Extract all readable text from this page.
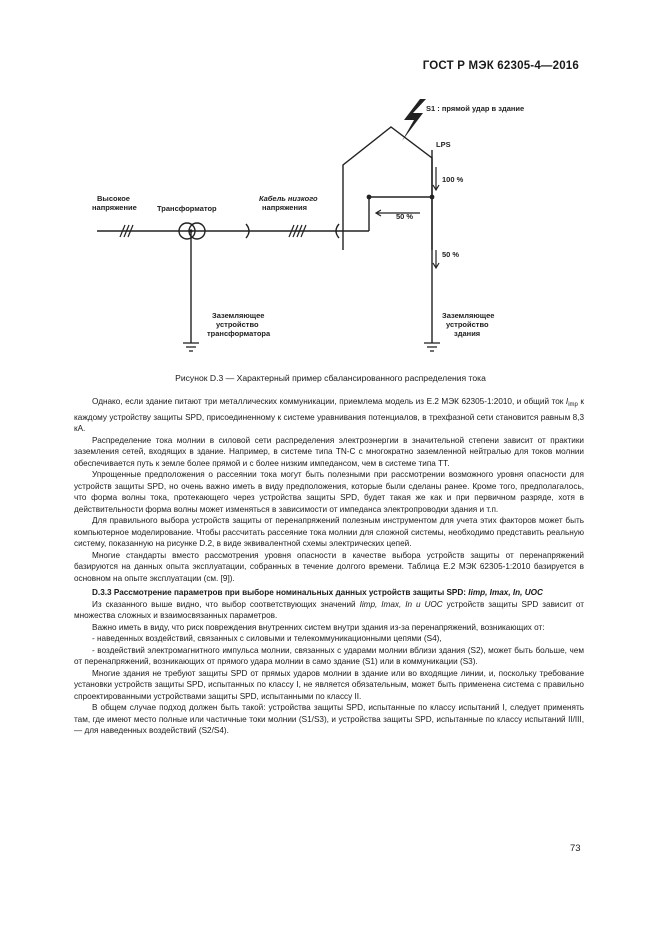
ГОСТ Р МЭК 62305-4—2016
S1 : прямой удар в здание
LPS
100 %
50 %
50 %
Высокое
напряжение	Трансформатор
Кабель низкого
напряжения
Заземляющее
устройство
трансформатора
Заземляющее
устройство
здания
Рисунок D.3 — Характерный пример сбалансированного распределения тока

Однако, если здание питают три металлических коммуникации, приемлема модель из Е.2 МЭК 62305-1:2010, и общий ток $I_{imp}$ к каждому устройству защиты SPD, присоединенному к системе уравнивания потенциалов, в трехфазной сети становится равным 8,3 кА.

Распределение тока молнии в силовой сети распределения электроэнергии в значительной степени зависит от практики заземления сетей, входящих в здание. Например, в системе типа TN-C с многократно заземленной нейтралью для токов молнии обеспечивается путь к земле более прямой и с более низким импедансом, чем в системе типа ТТ.

Упрощенные предположения о рассеянии тока могут быть полезными при рассмотрении возможного уровня опасности для устройств защиты SPD, но очень важно иметь в виду предположения, которые были сделаны ранее. Кроме того, предполагалось, что форма волны тока, протекающего через устройства защиты SPD, будет такая же как и при первичном разряде, хотя в действительности форма волны может изменяться в зависимости от импеданса электропроводки здания и т.п.

Для правильного выбора устройств защиты от перенапряжений полезным инструментом для учета этих факторов может быть компьютерное моделирование. Чтобы рассчитать рассеяние тока молнии для сложной системы, необходимо представить реальную систему, показанную на рисунке D.2, в виде эквивалентной схемы электрических цепей.

Многие стандарты вместо рассмотрения уровня опасности в качестве выбора устройств защиты от перенапряжений базируются на данных опыта эксплуатации, собранных в течение долгого времени. Таблица Е.2 МЭК 62305-1:2010 базируется в основном на опыте эксплуатации (см. [9]).

D.3.3 Рассмотрение параметров при выборе номинальных данных устройств защиты SPD: Iimp, Imax, In, UOC

Из сказанного выше видно, что выбор соответствующих значений Iimp, Imax, In и UOC устройств защиты SPD зависит от множества сложных и взаимосвязанных параметров.

Важно иметь в виду, что риск повреждения внутренних систем внутри здания из-за перенапряжений, возникающих от:

- наведенных воздействий, связанных с силовыми и телекоммуникационными цепями (S4),

- воздействий электромагнитного импульса молнии, связанных с ударами молнии вблизи здания (S2), может быть больше, чем от перенапряжений, возникающих от прямого удара молнии в само здание (S1) или в коммуникации (S3).

Многие здания не требуют защиты SPD от прямых ударов молнии в здание или во входящие линии, и, поскольку требование установки устройств защиты SPD, испытанных по классу I, не является обязательным, может быть применена система с правильно спроектированными устройствами защиты SPD, испытанными по классу II.

В общем случае подход должен быть такой: устройства защиты SPD, испытанные по классу испытаний I, следует применять там, где имеют место полные или частичные токи молнии (S1/S3), и устройства защиты SPD, испытанные по классу испытаний II/III, — для наведенных воздействий (S2/S4).

73
